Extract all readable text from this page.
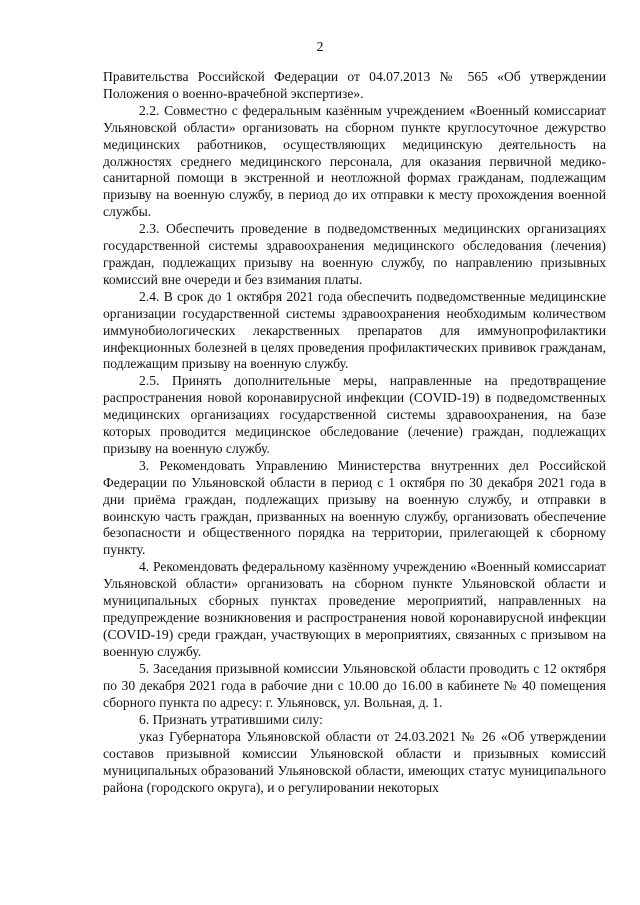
2

Правительства Российской Федерации от 04.07.2013 № 565 «Об утверждении Положения о военно-врачебной экспертизе».

2.2. Совместно с федеральным казённым учреждением «Военный комиссариат Ульяновской области» организовать на сборном пункте круглосуточное дежурство медицинских работников, осуществляющих медицинскую деятельность на должностях среднего медицинского персонала, для оказания первичной медико-санитарной помощи в экстренной и неотложной формах гражданам, подлежащим призыву на военную службу, в период до их отправки к месту прохождения военной службы.

2.3. Обеспечить проведение в подведомственных медицинских организациях государственной системы здравоохранения медицинского обследования (лечения) граждан, подлежащих призыву на военную службу, по направлению призывных комиссий вне очереди и без взимания платы.

2.4. В срок до 1 октября 2021 года обеспечить подведомственные медицинские организации государственной системы здравоохранения необходимым количеством иммунобиологических лекарственных препаратов для иммунопрофилактики инфекционных болезней в целях проведения профилактических прививок гражданам, подлежащим призыву на военную службу.

2.5. Принять дополнительные меры, направленные на предотвращение распространения новой коронавирусной инфекции (COVID-19) в подведомственных медицинских организациях государственной системы здравоохранения, на базе которых проводится медицинское обследование (лечение) граждан, подлежащих призыву на военную службу.

3. Рекомендовать Управлению Министерства внутренних дел Российской Федерации по Ульяновской области в период с 1 октября по 30 декабря 2021 года в дни приёма граждан, подлежащих призыву на военную службу, и отправки в воинскую часть граждан, призванных на военную службу, организовать обеспечение безопасности и общественного порядка на территории, прилегающей к сборному пункту.

4. Рекомендовать федеральному казённому учреждению «Военный комиссариат Ульяновской области» организовать на сборном пункте Ульяновской области и муниципальных сборных пунктах проведение мероприятий, направленных на предупреждение возникновения и распространения новой коронавирусной инфекции (COVID-19) среди граждан, участвующих в мероприятиях, связанных с призывом на военную службу.

5. Заседания призывной комиссии Ульяновской области проводить с 12 октября по 30 декабря 2021 года в рабочие дни с 10.00 до 16.00 в кабинете № 40 помещения сборного пункта по адресу: г. Ульяновск, ул. Вольная, д. 1.

6. Признать утратившими силу:

указ Губернатора Ульяновской области от 24.03.2021 № 26 «Об утверждении составов призывной комиссии Ульяновской области и призывных комиссий муниципальных образований Ульяновской области, имеющих статус муниципального района (городского округа), и о регулировании некоторых
